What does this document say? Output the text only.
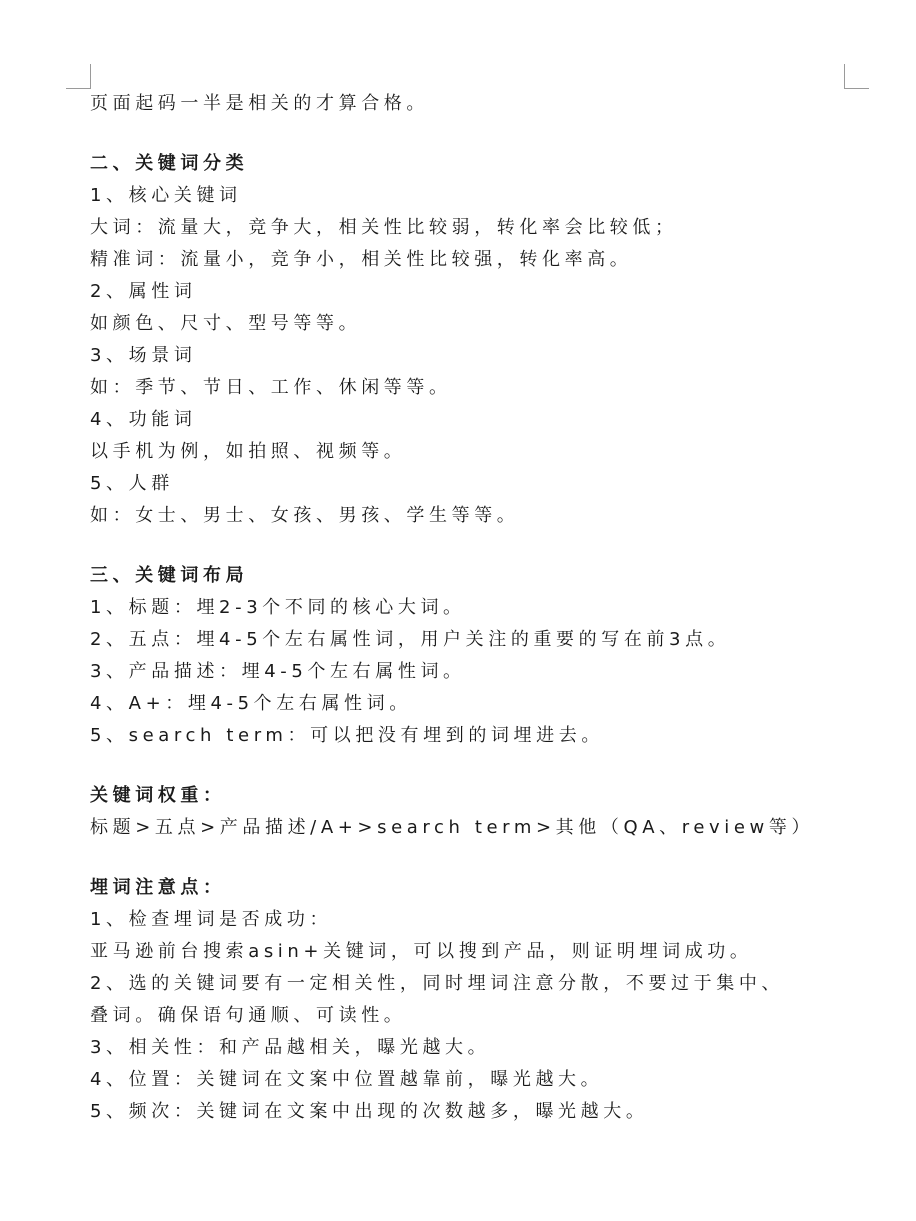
页面起码一半是相关的才算合格。

二、关键词分类

1、核心关键词

大词：流量大，竞争大，相关性比较弱，转化率会比较低；

精准词：流量小，竞争小，相关性比较强，转化率高。

2、属性词

如颜色、尺寸、型号等等。

3、场景词

如：季节、节日、工作、休闲等等。

4、功能词

以手机为例，如拍照、视频等。

5、人群

如：女士、男士、女孩、男孩、学生等等。

三、关键词布局

1、标题：埋2-3个不同的核心大词。

2、五点：埋4-5个左右属性词，用户关注的重要的写在前3点。

3、产品描述：埋4-5个左右属性词。

4、A+：埋4-5个左右属性词。

5、search term：可以把没有埋到的词埋进去。

关键词权重：

标题>五点>产品描述/A+>search term>其他（QA、review等）

埋词注意点：

1、检查埋词是否成功：

亚马逊前台搜索asin+关键词，可以搜到产品，则证明埋词成功。

2、选的关键词要有一定相关性，同时埋词注意分散，不要过于集中、

叠词。确保语句通顺、可读性。

3、相关性：和产品越相关，曝光越大。

4、位置：关键词在文案中位置越靠前，曝光越大。

5、频次：关键词在文案中出现的次数越多，曝光越大。
